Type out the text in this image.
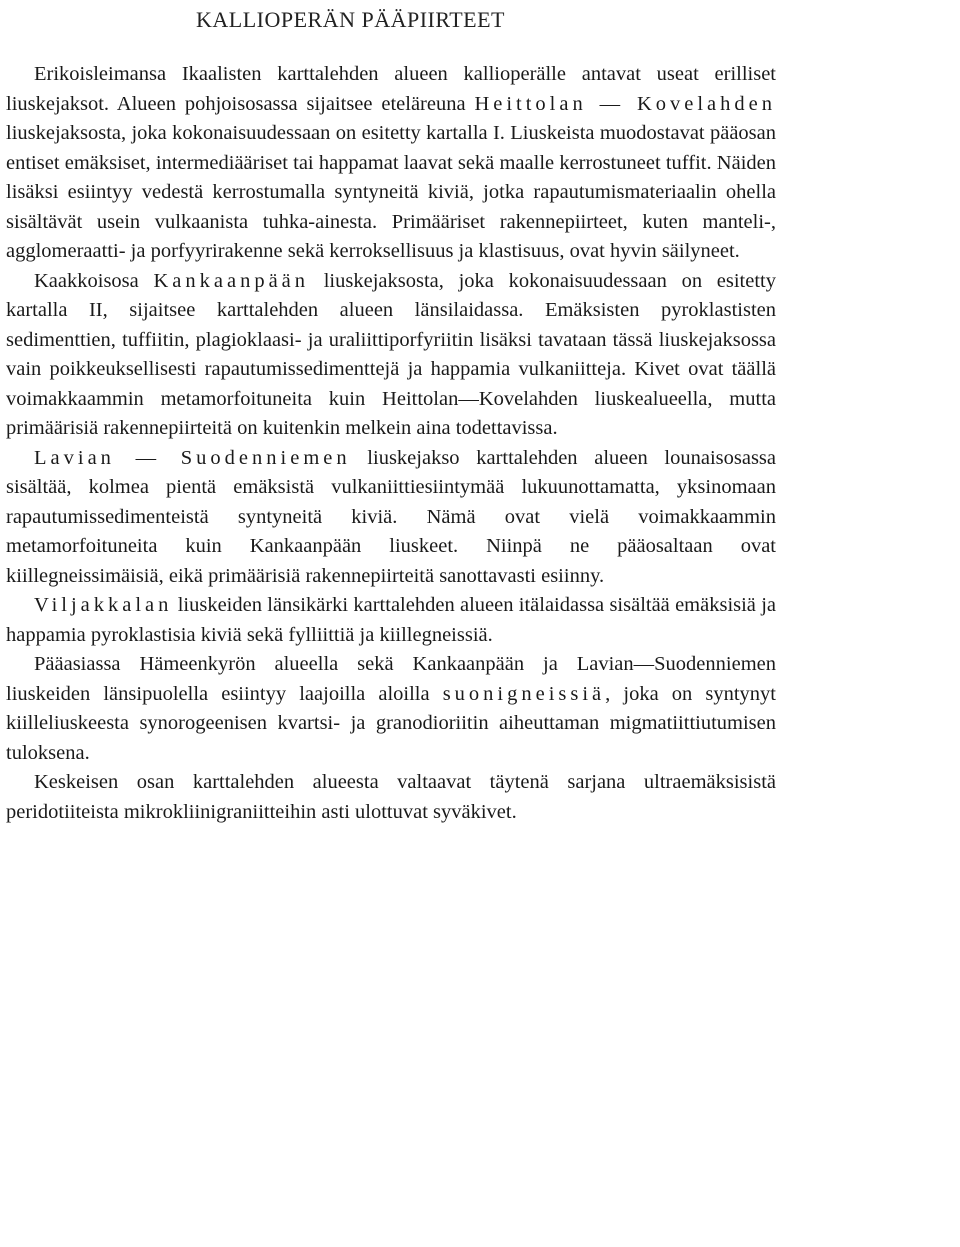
KALLIOPERÄN PÄÄPIIRTEET

Erikoisleimansa Ikaalisten karttalehden alueen kallioperälle antavat useat erilliset liuskejaksot. Alueen pohjoisosassa sijaitsee eteläreuna Heittolan — Kovelahden liuskejaksosta, joka kokonaisuudessaan on esitetty kartalla I. Liuskeista muodostavat pääosan entiset emäksiset, intermediääriset tai happamat laavat sekä maalle kerrostuneet tuffit. Näiden lisäksi esiintyy vedestä kerrostumalla syntyneitä kiviä, jotka rapautumismateriaalin ohella sisältävät usein vulkaanista tuhka-ainesta. Primääriset rakennepiirteet, kuten manteli-, agglomeraatti- ja porfyyrirakenne sekä kerroksellisuus ja klastisuus, ovat hyvin säilyneet.

Kaakkoisosa Kankaanpään liuskejaksosta, joka kokonaisuudessaan on esitetty kartalla II, sijaitsee karttalehden alueen länsilaidassa. Emäksisten pyroklastisten sedimenttien, tuffiitin, plagioklaasi- ja uraliittiporfyriitin lisäksi tavataan tässä liuskejaksossa vain poikkeuksellisesti rapautumissedimenttejä ja happamia vulkaniitteja. Kivet ovat täällä voimakkaammin metamorfoituneita kuin Heittolan—Kovelahden liuskealueella, mutta primäärisiä rakennepiirteitä on kuitenkin melkein aina todettavissa.

Lavian — Suodenniemen liuskejakso karttalehden alueen lounaisosassa sisältää, kolmea pientä emäksistä vulkaniittiesiintymää lukuunottamatta, yksinomaan rapautumissedimenteistä syntyneitä kiviä. Nämä ovat vielä voimakkaammin metamorfoituneita kuin Kankaanpään liuskeet. Niinpä ne pääosaltaan ovat kiillegneissimäisiä, eikä primäärisiä rakennepiirteitä sanottavasti esiinny.

Viljakkalan liuskeiden länsikärki karttalehden alueen itälaidassa sisältää emäksisiä ja happamia pyroklastisia kiviä sekä fylliittiä ja kiillegneissiä.

Pääasiassa Hämeenkyrön alueella sekä Kankaanpään ja Lavian—Suodenniemen liuskeiden länsipuolella esiintyy laajoilla aloilla suonigneissiä, joka on syntynyt kiilleliuskeesta synorogeenisen kvartsi- ja granodioriitin aiheuttaman migmatiittiutumisen tuloksena.

Keskeisen osan karttalehden alueesta valtaavat täytenä sarjana ultraemäksisistä peridotiiteista mikrokliinigraniitteihin asti ulottuvat syväkivet.
